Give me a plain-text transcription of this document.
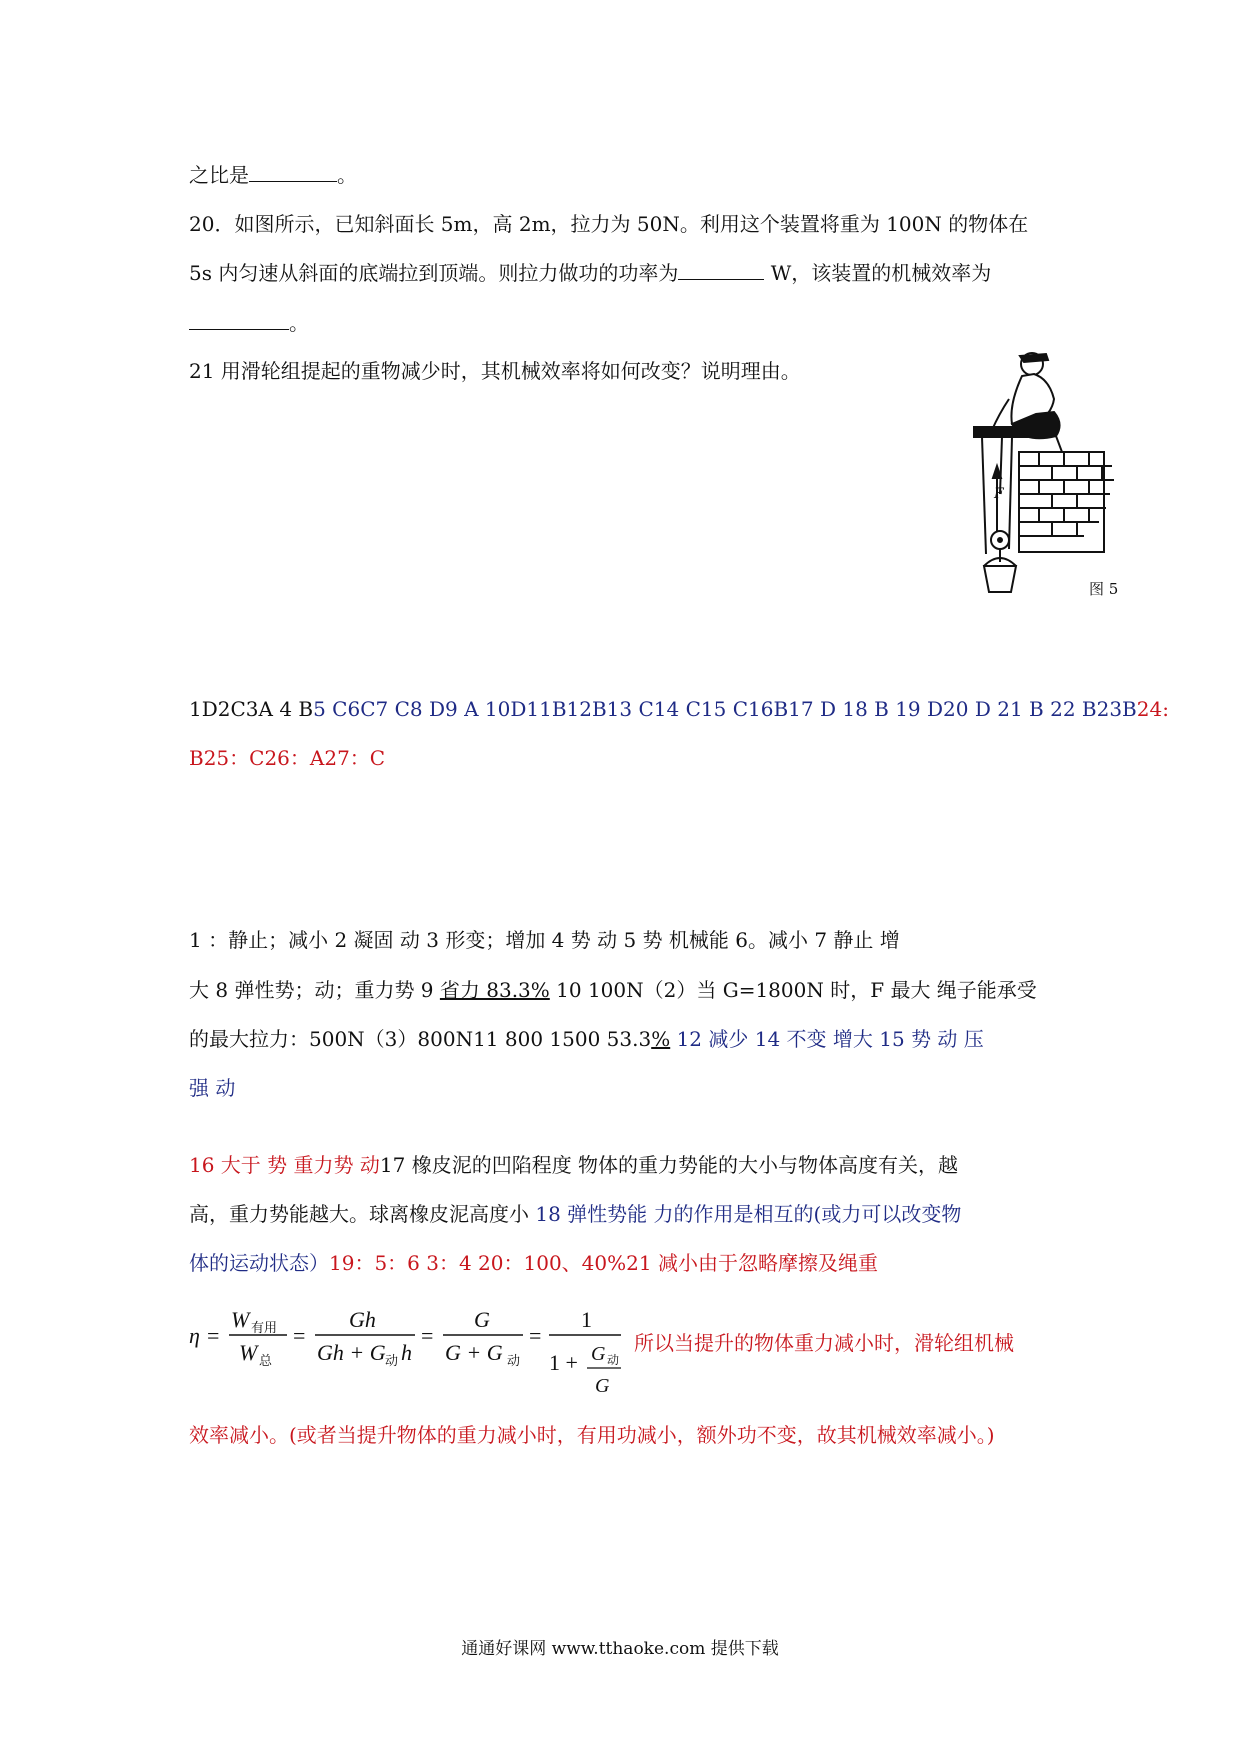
之比是	。
20．如图所示，已知斜面长 5m，高 2m，拉力为 50N。利用这个装置将重为 100N 的物体在
5s 内匀速从斜面的底端拉到顶端。则拉力做功的功率为	W，该装置的机械效率为
。
21 用滑轮组提起的重物减少时，其机械效率将如何改变？说明理由。
F
图 5
1D2C3A 4 B5 C6C7 C8 D9 A 10D11B12B13 C14 C15 C16B17 D 18 B 19 D20 D 21 B 22 B23B24:
B25：C26：A27：C
1 ：静止；减小 2 凝固 动 3 形变；增加 4 势 动 5 势 机械能 6。减小 7 静止 增
大 8 弹性势；动；重力势 9 省力 83.3% 10 100N（2）当 G=1800N 时，F 最大 绳子能承受
的最大拉力：500N（3）800N11 800 1500 53.3% 12 减少 14 不变 增大 15 势 动 压
强 动
16 大于 势 重力势 动17 橡皮泥的凹陷程度 物体的重力势能的大小与物体高度有关，越
高，重力势能越大。球离橡皮泥高度小 18 弹性势能 力的作用是相互的(或力可以改变物
体的运动状态）19：5：6 3：4 20：100、40%21 减小由于忽略摩擦及绳重
η =
W 有用
W 总
=
Gh
Gh + G 动 h
=
G
G + G 动
=
1
1 + G 动
G
所以当提升的物体重力减小时，滑轮组机械
效率减小。(或者当提升物体的重力减小时，有用功减小，额外功不变，故其机械效率减小。)
通通好课网 www.tthaoke.com 提供下载
